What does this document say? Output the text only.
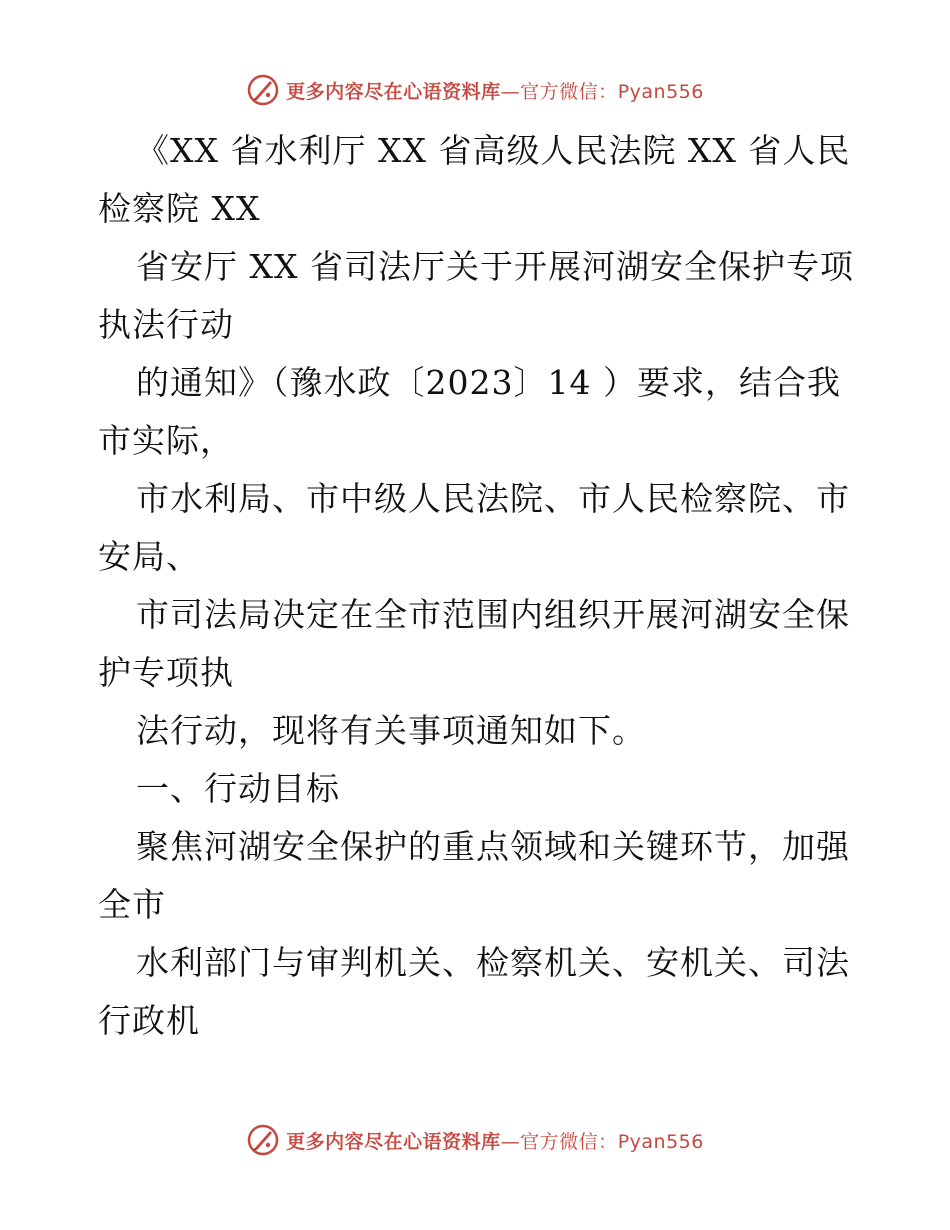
更多内容尽在心语资料库—官方微信：Pyan556
《XX 省水利厅 XX 省高级人民法院 XX 省人民
检察院 XX
省安厅 XX 省司法厅关于开展河湖安全保护专项
执法行动
的通知》（豫水政〔2023〕14 ）要求，结合我
市实际，
市水利局、市中级人民法院、市人民检察院、市
安局、
市司法局决定在全市范围内组织开展河湖安全保
护专项执
法行动，现将有关事项通知如下。
一、行动目标
聚焦河湖安全保护的重点领域和关键环节，加强
全市
水利部门与审判机关、检察机关、安机关、司法
行政机
更多内容尽在心语资料库—官方微信：Pyan556
